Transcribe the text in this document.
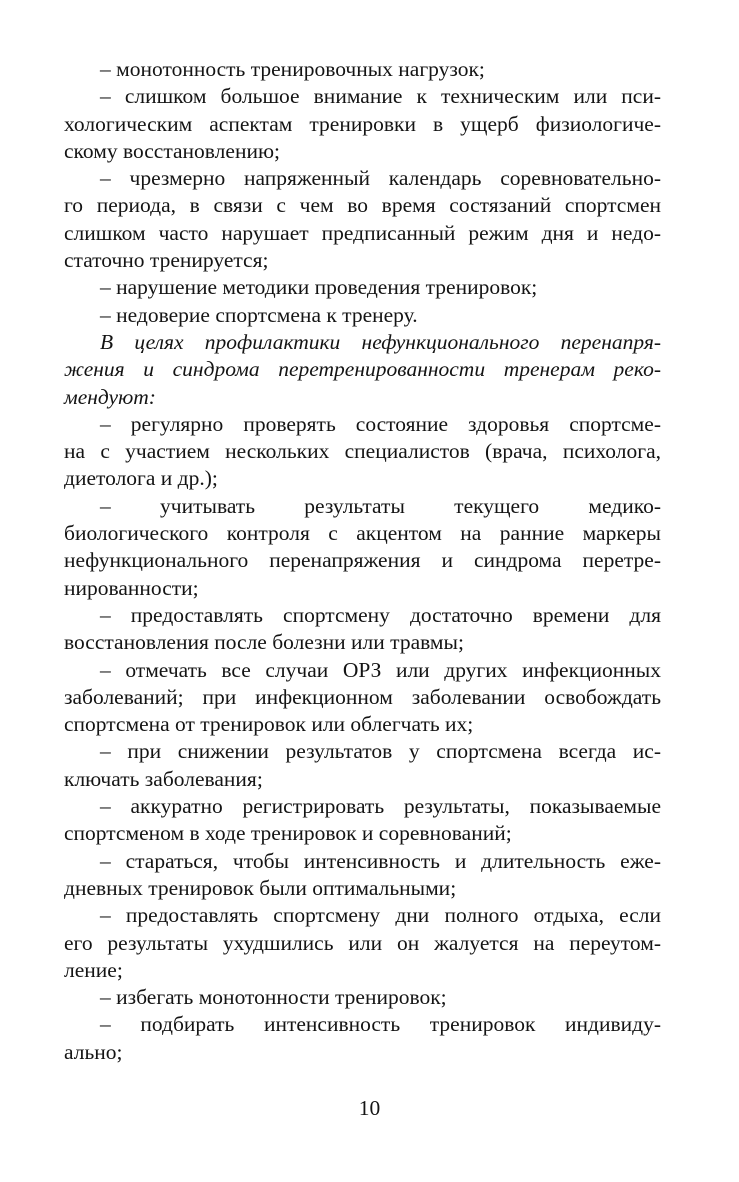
– монотонность тренировочных нагрузок;

– слишком большое внимание к техническим или пси-
хологическим аспектам тренировки в ущерб физиологиче-
скому восстановлению;

– чрезмерно напряженный календарь соревновательно-
го периода, в связи с чем во время состязаний спортсмен
слишком часто нарушает предписанный режим дня и недо-
статочно тренируется;

– нарушение методики проведения тренировок;

– недоверие спортсмена к тренеру.

В целях профилактики нефункционального перенапря-
жения и синдрома перетренированности тренерам реко-
мендуют:

– регулярно проверять состояние здоровья спортсме-
на с участием нескольких специалистов (врача, психолога,
диетолога и др.);

– учитывать результаты текущего медико-
биологического контроля с акцентом на ранние маркеры
нефункционального перенапряжения и синдрома перетре-
нированности;

– предоставлять спортсмену достаточно времени для
восстановления после болезни или травмы;

– отмечать все случаи ОРЗ или других инфекционных
заболеваний; при инфекционном заболевании освобождать
спортсмена от тренировок или облегчать их;

– при снижении результатов у спортсмена всегда ис-
ключать заболевания;

– аккуратно регистрировать результаты, показываемые
спортсменом в ходе тренировок и соревнований;

– стараться, чтобы интенсивность и длительность еже-
дневных тренировок были оптимальными;

– предоставлять спортсмену дни полного отдыха, если
его результаты ухудшились или он жалуется на переутом-
ление;

– избегать монотонности тренировок;

– подбирать интенсивность тренировок индивиду-
ально;

10
